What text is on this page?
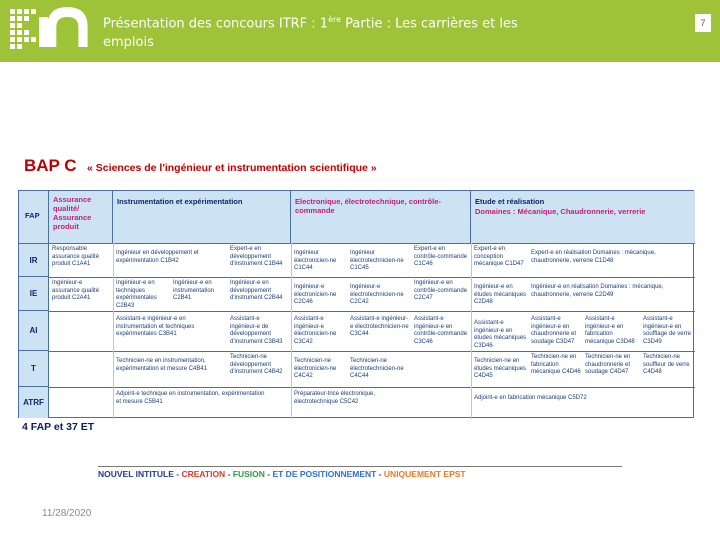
Présentation des concours ITRF : 1ère Partie : Les carrières et les emplois
7
BAP C « Sciences de l'ingénieur et instrumentation scientifique »
FAP
Assurance qualité/ Assurance produit
Instrumentation et expérimentation	Electronique, électrotechnique, contrôle-commande
Etude et réalisation
Domaines : Mécanique, Chaudronnerie, verrerie
IR
IE
AI
T
ATRF
Responsable assurance qualité produit C1A41
Ingénieur en développement et expérimentation C1B42
Expert-e en développement d'instrument C1B44
Ingénieur électronicien-ne C1C44
Ingénieur électrotechnicien-ne C1C45
Expert-e en contrôle-commande C1C46
Expert-e en conception mécanique C1D47
Expert-e en réalisation Domaines : mécanique, chaudronnerie, verrerie C1D48
Ingénieur-e assurance qualité produit C2A41
Ingénieur-e en techniques expérimentales C2B43
Ingénieur-e en instrumentation C2B41
Ingénieur-e en développement d'instrument C2B44
Ingénieur-e électronicien-ne C2C46
Ingénieur-e électrotechnicien-ne C2C42
Ingénieur-e en contrôle-commande C2C47
Ingénieur-e en études mécaniques C2D48
Ingénieur-e en réalisation Domaines : mécanique, chaudronnerie, verrerie C2D49
Assistant-e ingénieur-e en instrumentation et techniques expérimentales C3B41
Assistant-e ingénieur-e de développement d'instrument C3B43
Assistant-e ingénieur-e électronicien-ne C3C42
Assistant-e ingénieur-e électrotechnicien-ne C3C44
Assistant-e ingénieur-e en contrôle-commande C3C46
Assistant-e ingénieur-e en études mécaniques C3D46
Assistant-e ingénieur-e en chaudronnerie et soudage C3D47
Assistant-e ingénieur-e en fabrication mécanique C3D48
Assistant-e ingénieur-e en soufflage de verre C3D49
Technicien-ne en instrumentation, expérimentation et mesure C4B41
Technicien-ne développement d'instrument C4B42
Technicien-ne électronicien-ne C4C42
Technicien-ne électrotechnicien-ne C4C44
Technicien-ne en études mécaniques C4D45
Technicien-ne en fabrication mécanique C4D46
Technicien-ne en chaudronnerie et soudage C4D47
Technicien-ne souffleur de verre C4D48
Adjoint-e technique en instrumentation, expérimentation et mesure C5B41
Préparateur-trice électronique, électrotechnique C5C42
Adjoint-e en fabrication mécanique C5D72
4 FAP et 37 ET
NOUVEL INTITULE - CREATION - FUSION - ET DE POSITIONNEMENT - UNIQUEMENT EPST
11/28/2020
